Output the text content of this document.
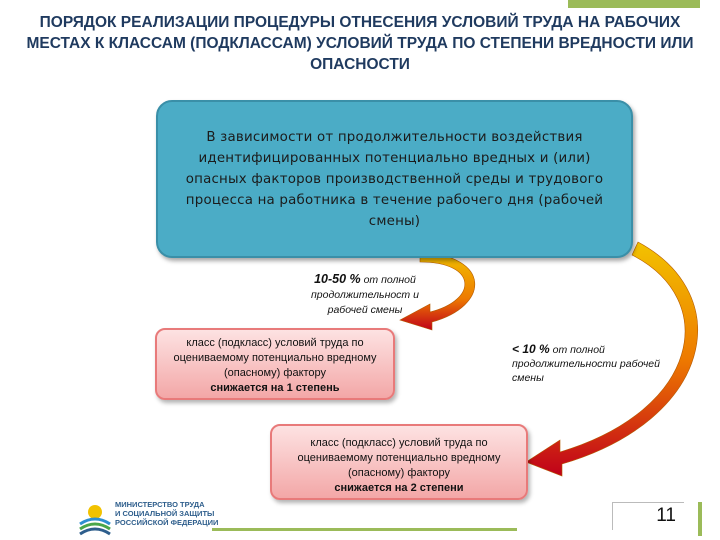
ПОРЯДОК РЕАЛИЗАЦИИ ПРОЦЕДУРЫ ОТНЕСЕНИЯ УСЛОВИЙ ТРУДА НА РАБОЧИХ МЕСТАХ К КЛАССАМ (ПОДКЛАССАМ) УСЛОВИЙ ТРУДА ПО СТЕПЕНИ ВРЕДНОСТИ ИЛИ ОПАСНОСТИ
В зависимости от продолжительности воздействия идентифицированных потенциально вредных и (или) опасных факторов производственной среды и трудового процесса на работника в течение рабочего дня (рабочей смены)
10-50 % от полной продолжительност и рабочей смены
класс (подкласс) условий труда по оцениваемому потенциально вредному (опасному) фактору
снижается на 1 степень
< 10 % от полной продолжительности рабочей смены
класс (подкласс) условий труда по оцениваемому потенциально вредному (опасному) фактору
снижается на 2 степени
МИНИСТЕРСТВО ТРУДА
И СОЦИАЛЬНОЙ ЗАЩИТЫ
РОССИЙСКОЙ ФЕДЕРАЦИИ	11
